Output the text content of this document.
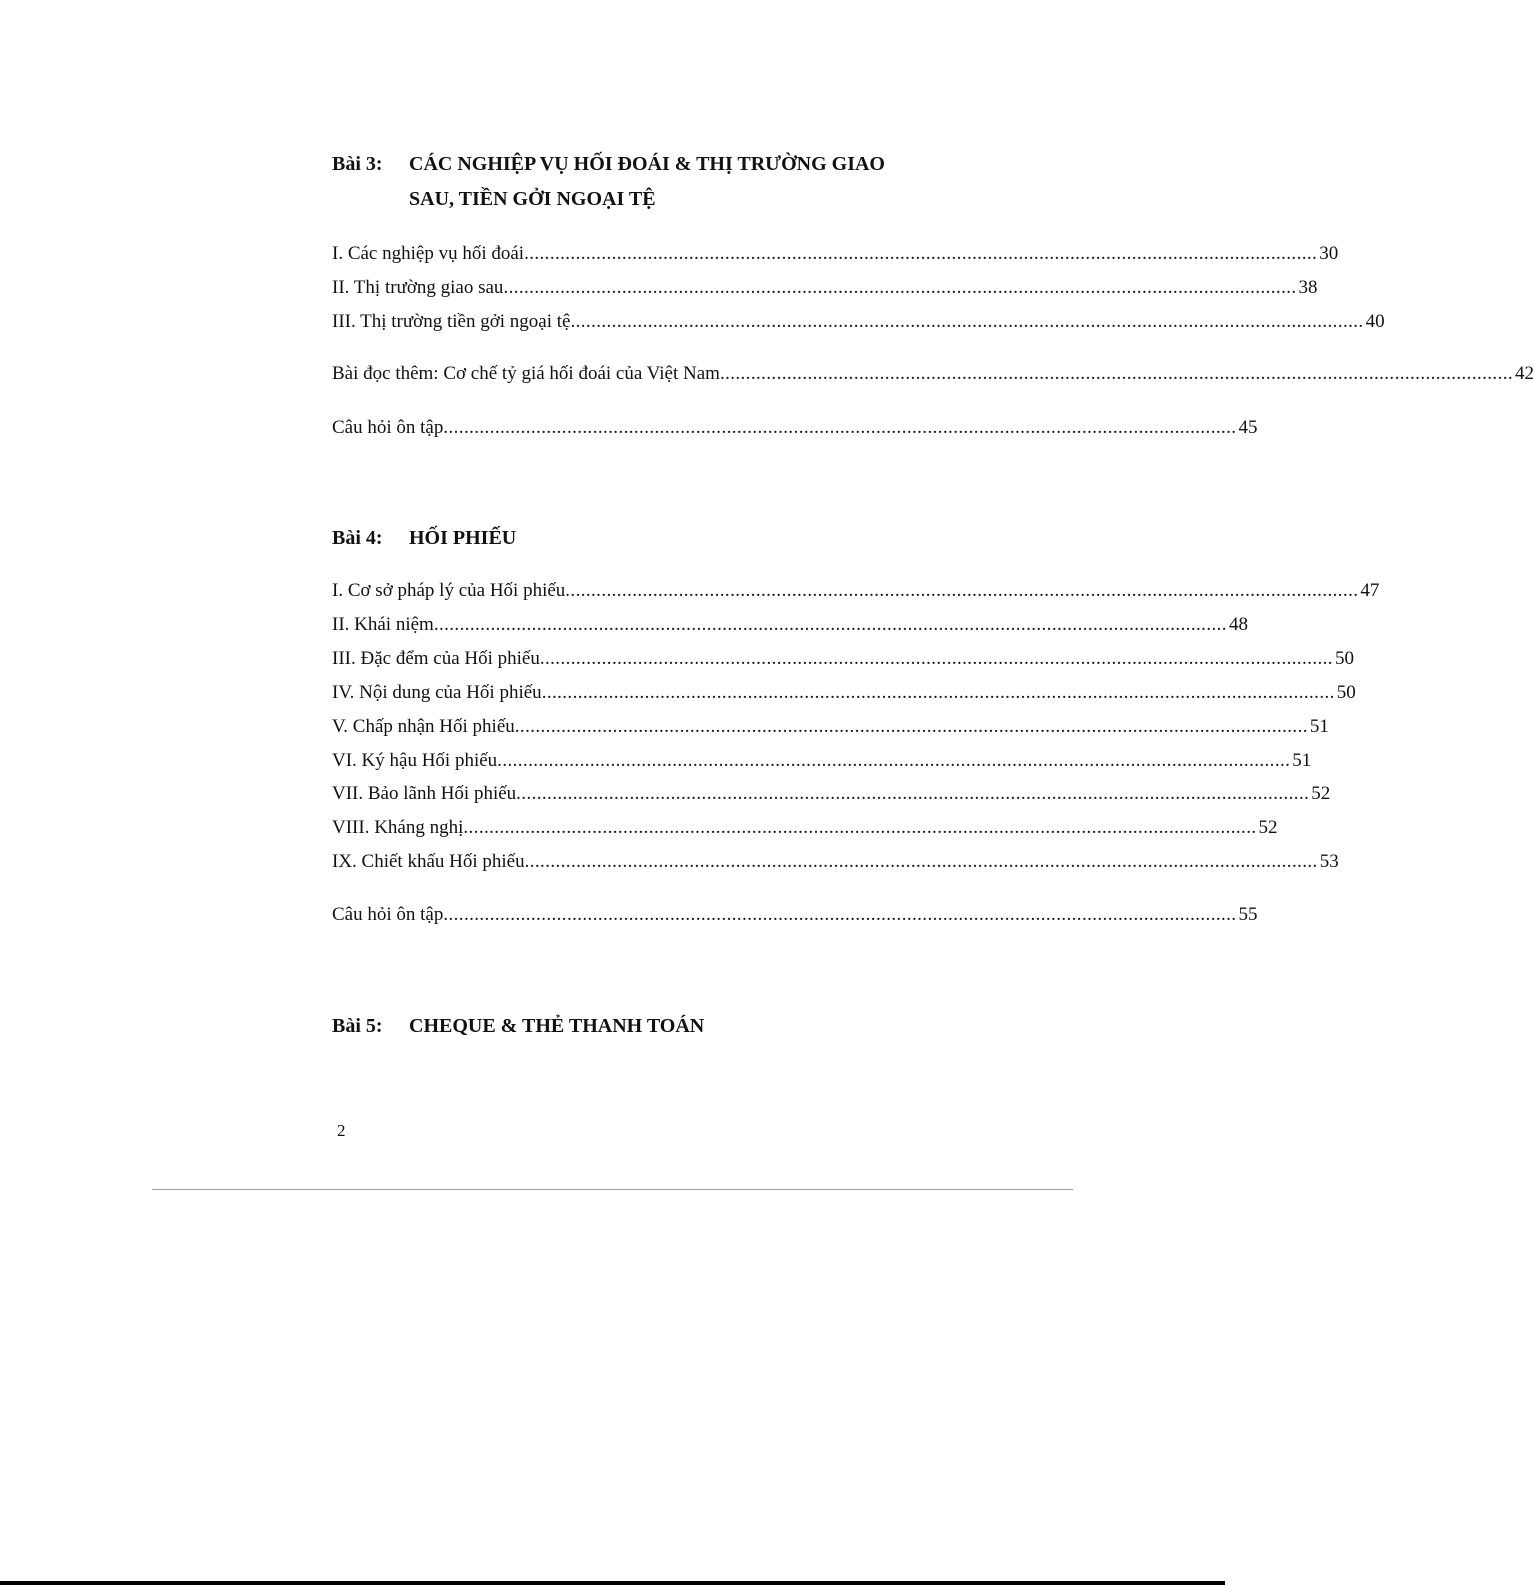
Bài 3: CÁC NGHIỆP VỤ HỐI ĐOÁI & THỊ TRƯỜNG GIAO
SAU, TIỀN GỞI NGOẠI TỆ
I. Các nghiệp vụ hối đoái .......................................................................................................................................................... 30
II. Thị trường giao sau .......................................................................................................................................................... 38
III. Thị trường tiền gởi ngoại tệ .......................................................................................................................................................... 40
Bài đọc thêm: Cơ chế tỷ giá hối đoái của Việt Nam .......................................................................................................................................................... 42
Câu hỏi ôn tập .......................................................................................................................................................... 45
Bài 4: HỐI PHIẾU
I. Cơ sở pháp lý của Hối phiếu .......................................................................................................................................................... 47
II. Khái niệm .......................................................................................................................................................... 48
III. Đặc đểm của Hối phiếu .......................................................................................................................................................... 50
IV. Nội dung của Hối phiếu .......................................................................................................................................................... 50
V. Chấp nhận Hối phiếu .......................................................................................................................................................... 51
VI. Ký hậu Hối phiếu .......................................................................................................................................................... 51
VII. Bảo lãnh Hối phiếu .......................................................................................................................................................... 52
VIII. Kháng nghị .......................................................................................................................................................... 52
IX. Chiết khấu Hối phiếu .......................................................................................................................................................... 53
Câu hỏi ôn tập .......................................................................................................................................................... 55
Bài 5: CHEQUE & THẺ THANH TOÁN
2
